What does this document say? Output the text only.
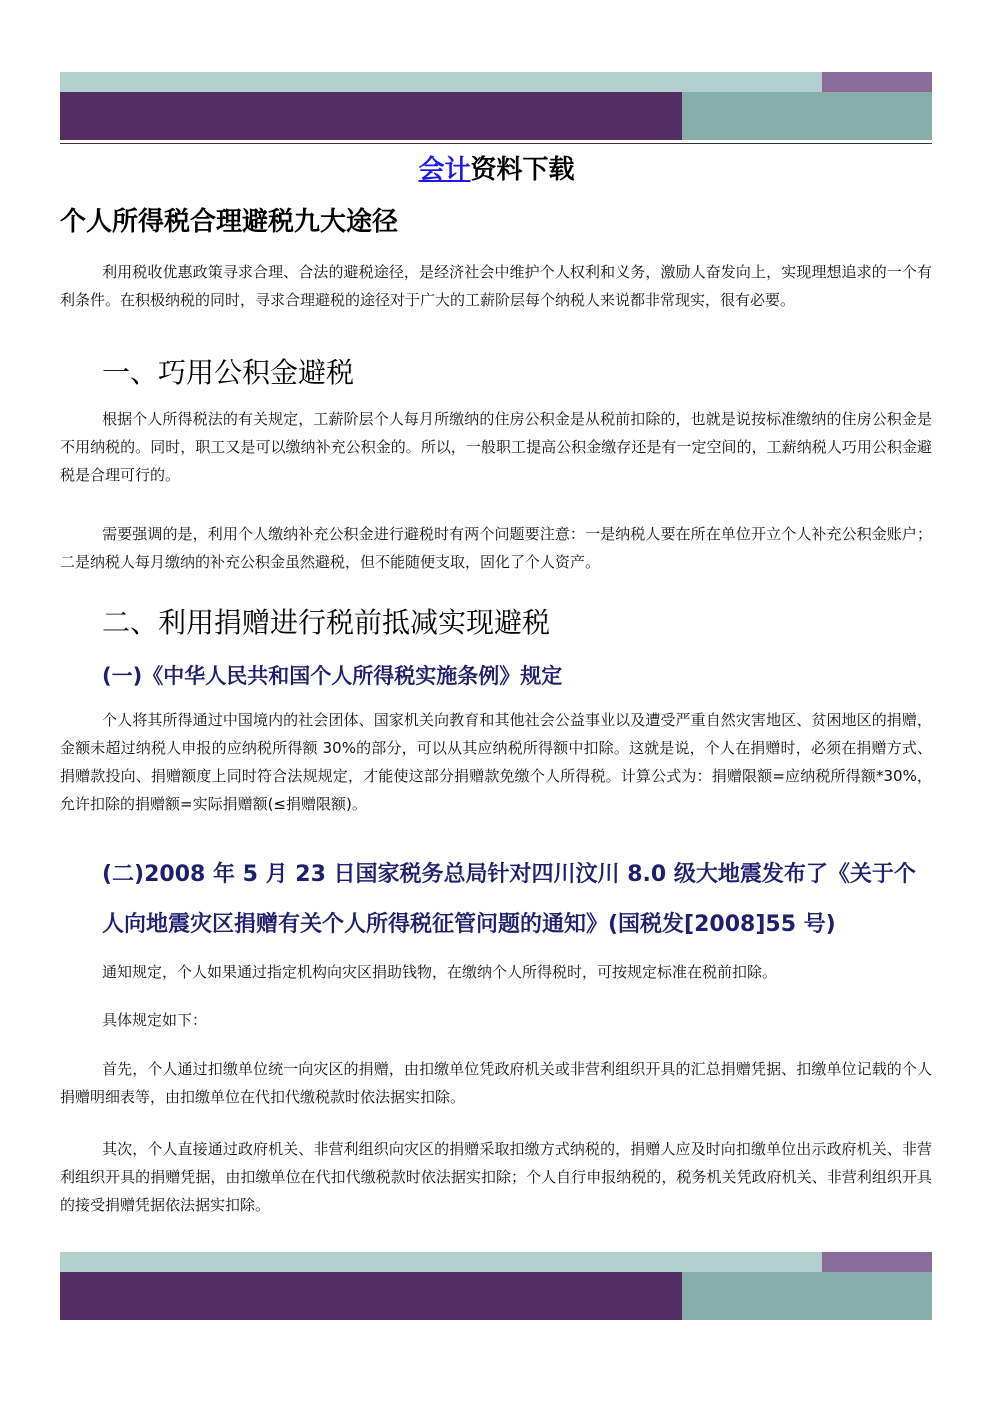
会计资料下载
个人所得税合理避税九大途径
利用税收优惠政策寻求合理、合法的避税途径，是经济社会中维护个人权利和义务，激励人奋发向上，实现理想追求的一个有利条件。在积极纳税的同时，寻求合理避税的途径对于广大的工薪阶层每个纳税人来说都非常现实，很有必要。
一、巧用公积金避税
根据个人所得税法的有关规定，工薪阶层个人每月所缴纳的住房公积金是从税前扣除的，也就是说按标准缴纳的住房公积金是不用纳税的。同时，职工又是可以缴纳补充公积金的。所以，一般职工提高公积金缴存还是有一定空间的，工薪纳税人巧用公积金避税是合理可行的。
需要强调的是，利用个人缴纳补充公积金进行避税时有两个问题要注意：一是纳税人要在所在单位开立个人补充公积金账户；二是纳税人每月缴纳的补充公积金虽然避税，但不能随便支取，固化了个人资产。
二、利用捐赠进行税前抵减实现避税
(一)《中华人民共和国个人所得税实施条例》规定
个人将其所得通过中国境内的社会团体、国家机关向教育和其他社会公益事业以及遭受严重自然灾害地区、贫困地区的捐赠，金额未超过纳税人申报的应纳税所得额 30%的部分，可以从其应纳税所得额中扣除。这就是说，个人在捐赠时，必须在捐赠方式、捐赠款投向、捐赠额度上同时符合法规规定，才能使这部分捐赠款免缴个人所得税。计算公式为：捐赠限额=应纳税所得额*30%，允许扣除的捐赠额=实际捐赠额(≤捐赠限额)。
(二)2008 年 5 月 23 日国家税务总局针对四川汶川 8.0 级大地震发布了《关于个人向地震灾区捐赠有关个人所得税征管问题的通知》(国税发[2008]55 号)
通知规定，个人如果通过指定机构向灾区捐助钱物，在缴纳个人所得税时，可按规定标准在税前扣除。
具体规定如下：
首先，个人通过扣缴单位统一向灾区的捐赠，由扣缴单位凭政府机关或非营利组织开具的汇总捐赠凭据、扣缴单位记载的个人捐赠明细表等，由扣缴单位在代扣代缴税款时依法据实扣除。
其次，个人直接通过政府机关、非营利组织向灾区的捐赠采取扣缴方式纳税的，捐赠人应及时向扣缴单位出示政府机关、非营利组织开具的捐赠凭据，由扣缴单位在代扣代缴税款时依法据实扣除；个人自行申报纳税的，税务机关凭政府机关、非营利组织开具的接受捐赠凭据依法据实扣除。
